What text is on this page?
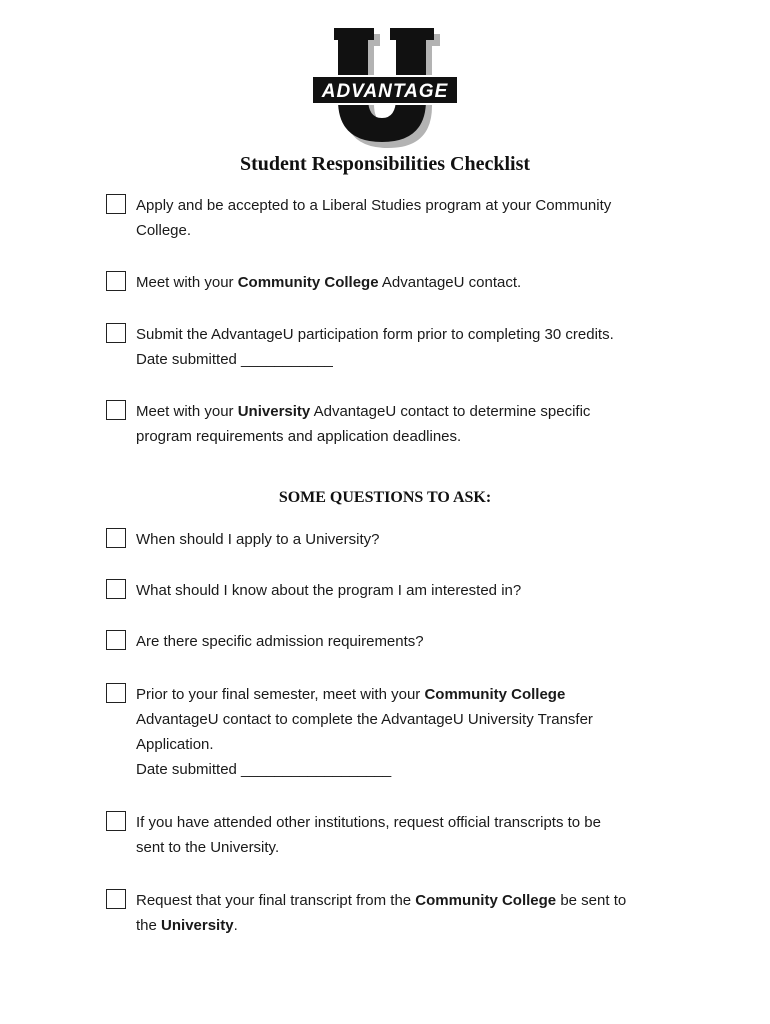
ADVANTAGE
Student Responsibilities Checklist
Apply and be accepted to a Liberal Studies program at your Community
College.
Meet with your Community College AdvantageU contact.
Submit the AdvantageU participation form prior to completing 30 credits.
Date submitted ___________
Meet with your University AdvantageU contact to determine specific
program requirements and application deadlines.
SOME QUESTIONS TO ASK:
When should I apply to a University?
What should I know about the program I am interested in?
Are there specific admission requirements?
Prior to your final semester, meet with your Community College
AdvantageU contact to complete the AdvantageU University Transfer
Application.
Date submitted __________________
If you have attended other institutions, request official transcripts to be
sent to the University.
Request that your final transcript from the Community College be sent to
the University.
